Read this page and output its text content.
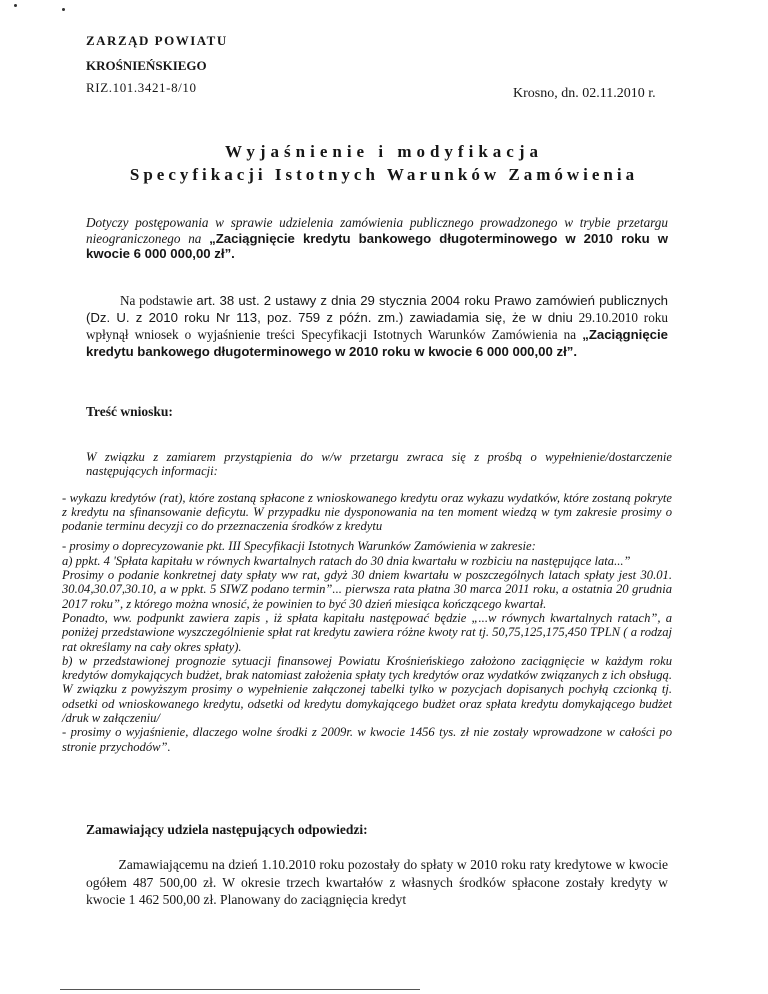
ZARZĄD POWIATU
KROŚNIEŃSKIEGO
RIZ.101.3421-8/10	Krosno, dn. 02.11.2010 r.
Wyjaśnienie i modyfikacja
Specyfikacji Istotnych Warunków Zamówienia
Dotyczy postępowania w sprawie udzielenia zamówienia publicznego prowadzonego w trybie przetargu nieograniczonego na „Zaciągnięcie kredytu bankowego długoterminowego w 2010 roku w kwocie 6 000 000,00 zł”.
Na podstawie art. 38 ust. 2 ustawy z dnia 29 stycznia 2004 roku Prawo zamówień publicznych (Dz. U. z 2010 roku Nr 113, poz. 759 z późn. zm.) zawiadamia się, że w dniu 29.10.2010 roku wpłynął wniosek o wyjaśnienie treści Specyfikacji Istotnych Warunków Zamówienia na „Zaciągnięcie kredytu bankowego długoterminowego w 2010 roku w kwocie 6 000 000,00 zł”.
Treść wniosku:

W związku z zamiarem przystąpienia do w/w przetargu zwraca się z prośbą o wypełnienie/dostarczenie następujących informacji:

- wykazu kredytów (rat), które zostaną spłacone z wnioskowanego kredytu oraz wykazu wydatków, które zostaną pokryte z kredytu na sfinansowanie deficytu. W przypadku nie dysponowania na ten moment wiedzą w tym zakresie prosimy o podanie terminu decyzji co do przeznaczenia środków z kredytu

- prosimy o doprecyzowanie pkt. III Specyfikacji Istotnych Warunków Zamówienia w zakresie:

a) ppkt. 4 'Spłata kapitału w równych kwartalnych ratach do 30 dnia kwartału w rozbiciu na następujące lata...”

Prosimy o podanie konkretnej daty spłaty ww rat, gdyż 30 dniem kwartału w poszczególnych latach spłaty jest 30.01. 30.04,30.07,30.10, a w ppkt. 5 SIWZ podano termin”... pierwsza rata płatna 30 marca 2011 roku, a ostatnia 20 grudnia 2017 roku”, z którego można wnosić, że powinien to być 30 dzień miesiąca kończącego kwartał.

Ponadto, ww. podpunkt zawiera zapis , iż spłata kapitału następować będzie „...w równych kwartalnych ratach”, a poniżej przedstawione wyszczególnienie spłat rat kredytu zawiera różne kwoty rat tj. 50,75,125,175,450 TPLN ( a rodzaj rat określamy na cały okres spłaty).

b) w przedstawionej prognozie sytuacji finansowej Powiatu Krośnieńskiego założono zaciągnięcie w każdym roku kredytów domykających budżet, brak natomiast założenia spłaty tych kredytów oraz wydatków związanych z ich obsługą. W związku z powyższym prosimy o wypełnienie załączonej tabelki tylko w pozycjach dopisanych pochyłą czcionką tj. odsetki od wnioskowanego kredytu, odsetki od kredytu domykającego budżet oraz spłata kredytu domykającego budżet /druk w załączeniu/

- prosimy o wyjaśnienie, dlaczego wolne środki z 2009r. w kwocie 1456 tys. zł nie zostały wprowadzone w całości po stronie przychodów”.

Zamawiający udziela następujących odpowiedzi:
Zamawiającemu na dzień 1.10.2010 roku pozostały do spłaty w 2010 roku raty kredytowe w kwocie ogółem 487 500,00 zł. W okresie trzech kwartałów z własnych środków spłacone zostały kredyty w kwocie 1 462 500,00 zł. Planowany do zaciągnięcia kredyt
